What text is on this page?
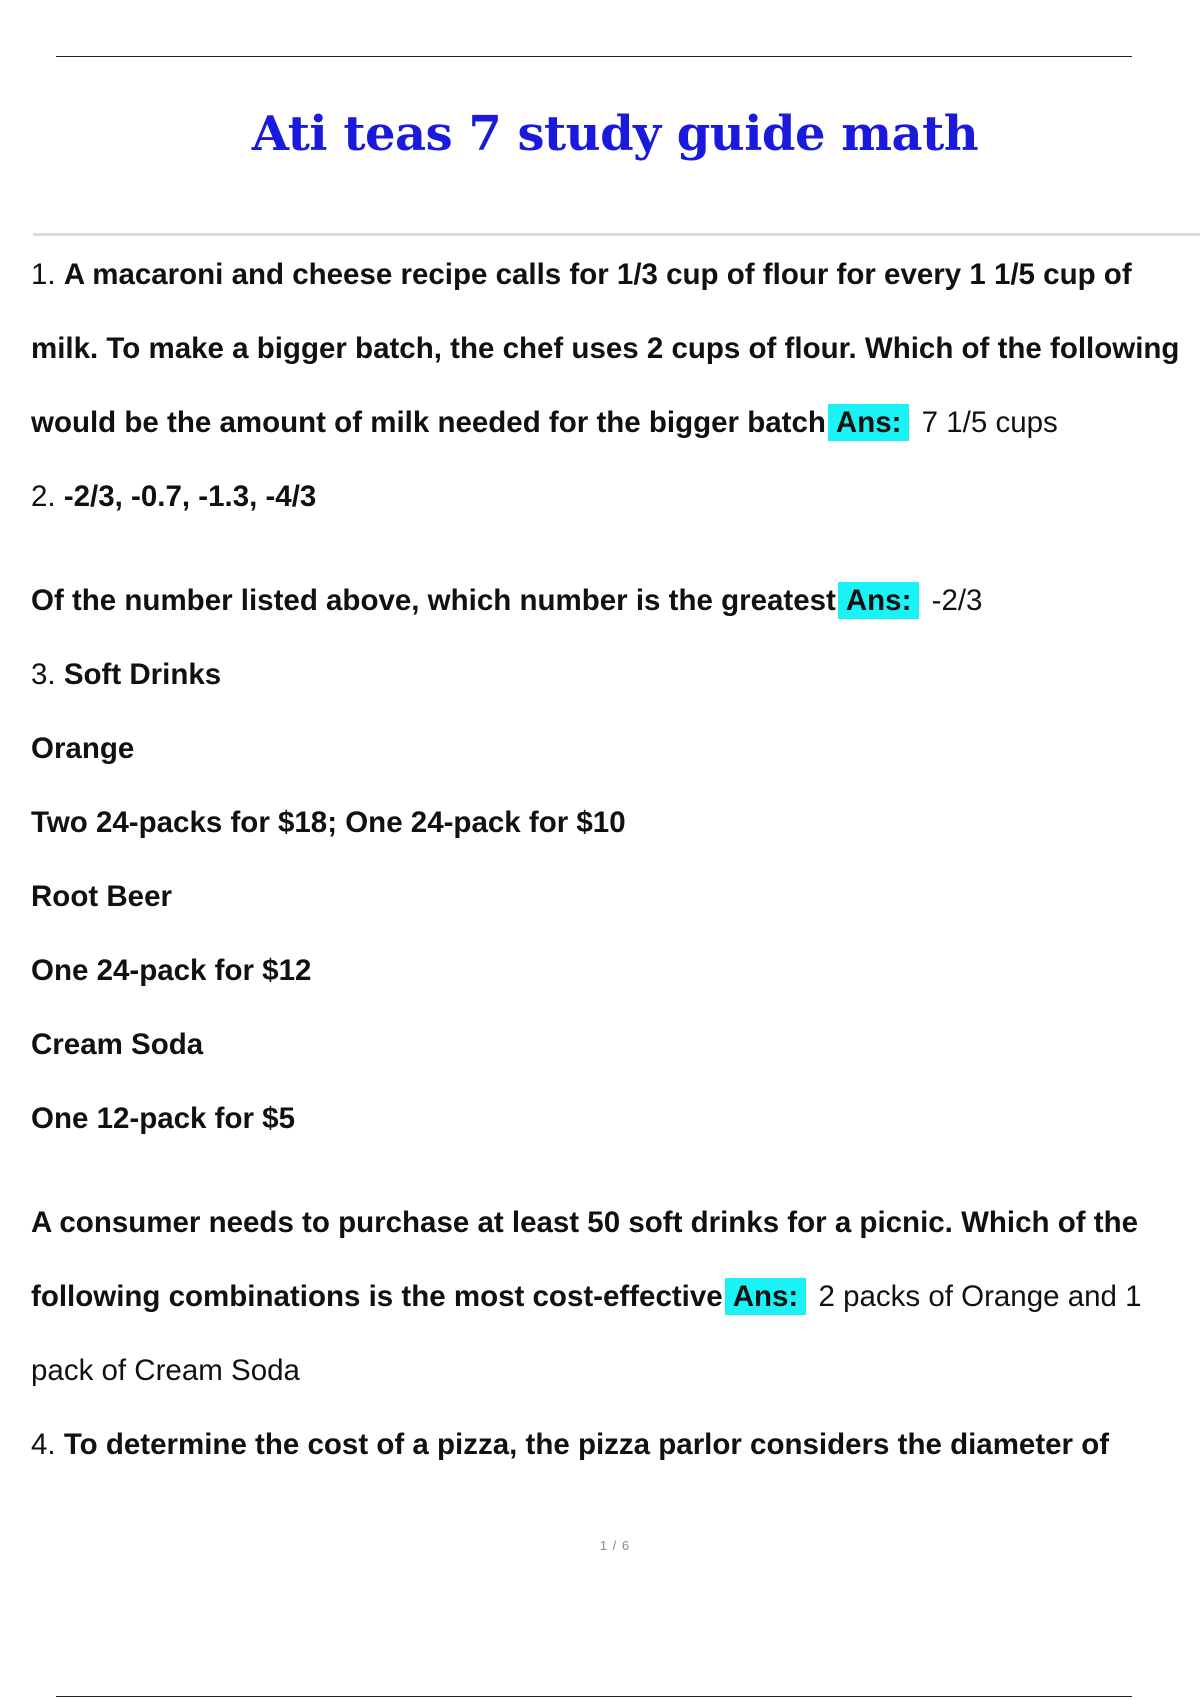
Ati teas 7 study guide math

1. A macaroni and cheese recipe calls for 1/3 cup of flour for every 1 1/5 cup of milk. To make a bigger batch, the chef uses 2 cups of flour. Which of the following would be the amount of milk needed for the bigger batch Ans: 7 1/5 cups

2. -2/3, -0.7, -1.3, -4/3

Of the number listed above, which number is the greatest Ans: -2/3

3. Soft Drinks

Orange

Two 24-packs for $18; One 24-pack for $10

Root Beer

One 24-pack for $12

Cream Soda

One 12-pack for $5

A consumer needs to purchase at least 50 soft drinks for a picnic. Which of the following combinations is the most cost-effective Ans: 2 packs of Orange and 1 pack of Cream Soda

4. To determine the cost of a pizza, the pizza parlor considers the diameter of

1 / 6
